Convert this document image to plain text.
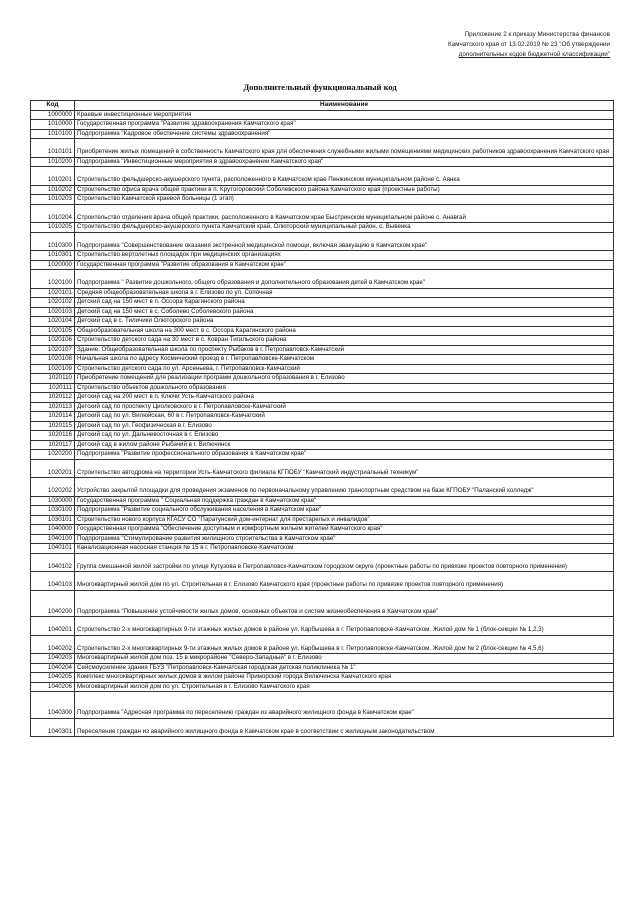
Приложение 2 к приказу Министерства финансов
Камчатского края от 13.02.2019 № 23 "Об утверждении
дополнительных кодов бюджетной классификации"
Дополнительный функциональный код
Код	Наименование
1000000	Краевые инвестиционные мероприятия
1010000	Государственная программа "Развитие здравоохранения Камчатского края"
1010100	Подпрограмма "Кадровое обеспечение системы здравоохранения"
1010101	Приобретение жилых помещений в собственность Камчатского края для обеспечения служебными жилыми помещениями медицинских работников здравоохранения Камчатского края
1010200	Подпрограмма "Инвестиционные мероприятия в здравоохранении Камчатского края"
1010201	Строительство фельдшерско-акушерского пункта, расположенного в Камчатском крае Пенжинском муниципальном районе с. Аянка
1010202	Строительство офиса врача общей практики в п. Крутогоровский Соболевского района Камчатского края (проектные работы)
1010203	Строительство Камчатской краевой больницы (1 этап)
1010204	Строительство отделения врача общей практики, расположенного в Камчатском крае Быстринском муниципальном районе с. Анавгай
1010205	Строительство фельдшерско-акушерского пункта Камчатский край, Олюторский муниципальный район, с. Вывенка
1010300	Подпрограмма "Совершенствование оказания экстренной медицинской помощи, включая эвакуацию в Камчатском крае"
1010301	Строительство вертолетных площадок при медицинских организациях
1020000	Государственная программа "Развитие образования в Камчатском крае"
1020100	Подпрограмма " Развитие дошкольного, общего образования и дополнительного образования детей в Камчатском крае"
1020101	Средняя общеобразовательная школа в г. Елизово по ул. Сопочная
1020102	Детский сад на 150 мест в п. Оссора Карагинского района
1020103	Детский сад на 150 мест в с. Соболево Соболевского района
1020104	Детский сад в с. Тиличики Олюторского района
1020105	Общеобразовательная школа на 300 мест в с. Оссора Карагинского района
1020106	Строительство детского сада на 30 мест в с. Ковран Тигильского района
1020107	Здание. Общеобразовательная школа по проспекту Рыбаков в г. Петропавловск-Камчатский
1020108	Начальная школа по адресу Космический проезд в г. Петропавловске-Камчатском
1020109	Строительство детского сада по ул. Арсеньева, г. Петропавловск-Камчатский
1020110	Приобретение помещений для реализации программ дошкольного образования в г. Елизово
1020111	Строительство объектов дошкольного образования
1020112	Детский сад на 200 мест в п. Ключи Усть-Камчатского района
1020113	Детский сад по проспекту Циолковского в г. Петропавловске-Камчатский
1020114	Детский сад по ул. Вилюйская, 60 в г. Петропавловск-Камчатский
1020115	Детский сад по ул. Геофизическая в г. Елизово
1020116	Детский сад по ул. Дальневосточная в г. Елизово
1020117	Детский сад в жилом районе Рыбачий в г. Вилючинск
1020200	Подпрограмма "Развитие профессионального образования в Камчатском крае"
1020201	Строительство автодрома на территории Усть-Камчатского филиала КГПОБУ "Камчатский индустриальный техникум"
1020202	Устройство закрытой площадки для проведения экзаменов по первоначальному управлению транспортным средством на базе КГПОБУ "Паланский колледж"
1030000	Государственная программа " Социальная поддержка граждан в Камчатском крае"
1030100	Подпрограмма "Развитие социального обслуживания населения в Камчатском крае"
1030101	Строительство нового корпуса КГАСУ СО "Паратунский дом-интернат для престарелых и инвалидов"
1040000	Государственная программа "Обеспечение доступным и комфортным жильем жителей Камчатского края"
1040100	Подпрограмма "Стимулирование развития жилищного строительства в Камчатском крае"
1040101	Канализационная насосная станция № 15 в г. Петропавловске-Камчатском
1040102	Группа смешанной жилой застройки по улице Кутузова в Петропавловск-Камчатском городском округе (проектные работы по привязке проектов повторного применения)
1040103	Многоквартирный жилой дом по ул. Строительная в г. Елизово Камчатского края (проектные работы по привязке проектов повторного применения)
1040200	Подпрограмма "Повышение устойчивости жилых домов, основных объектов и систем жизнеобеспечения в Камчатском крае"
1040201	Строительство 2-х многоквартирных 9-ти этажных жилых домов в районе ул. Карбышева в г. Петропавловске-Камчатском. Жилой дом № 1 (блок-секции № 1,2,3)
1040202	Строительство 2-х многоквартирных 9-ти этажных жилых домов в районе ул. Карбышева в г. Петропавловске-Камчатском. Жилой дом № 2 (блок-секции № 4,5,6)
1040203	Многоквартирный жилой дом поз. 15 в микрорайоне "Северо-Западный" в г. Елизово
1040204	Сейсмоусиление здания ГБУЗ "Петропавловск-Камчатская городская детская поликлиника № 1"
1040205	Комплекс многоквартирных жилых домов в жилом районе Приморский города Вилючинска Камчатского края
1040206	Многоквартирный жилой дом по ул. Строительная в г. Елизово Камчатского края
1040300	Подпрограмма "Адресная программа по переселению граждан из аварийного жилищного фонда в Камчатском крае"
1040301	Переселение граждан из аварийного жилищного фонда в Камчатском крае в соответствии с жилищным законодательством
